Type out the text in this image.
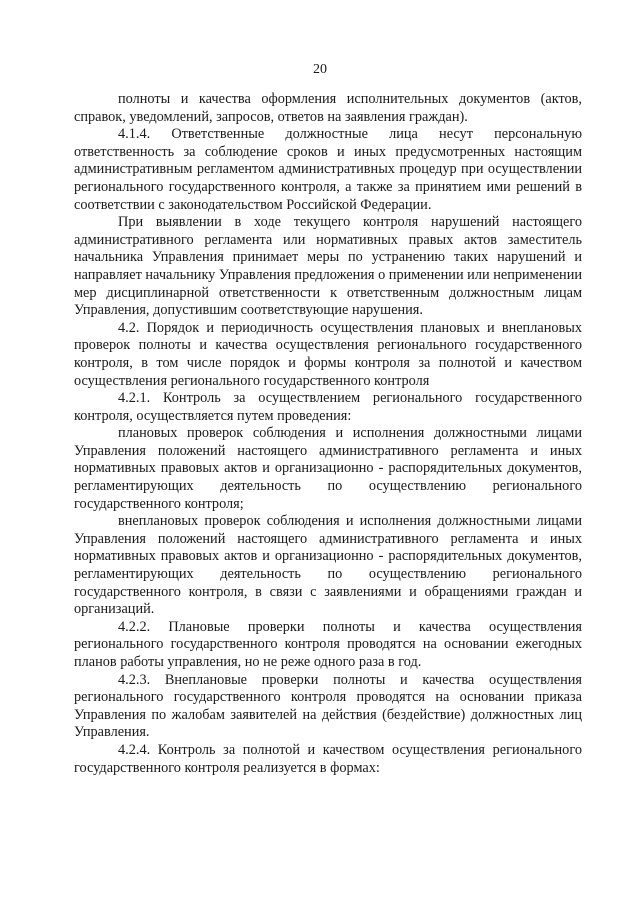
20

полноты и качества оформления исполнительных документов (актов, справок, уведомлений, запросов, ответов на заявления граждан).

4.1.4. Ответственные должностные лица несут персональную ответственность за соблюдение сроков и иных предусмотренных настоящим административным регламентом административных процедур при осуществлении регионального государственного контроля, а также за принятием ими решений в соответствии с законодательством Российской Федерации.

При выявлении в ходе текущего контроля нарушений настоящего административного регламента или нормативных правых актов заместитель начальника Управления принимает меры по устранению таких нарушений и направляет начальнику Управления предложения о применении или неприменении мер дисциплинарной ответственности к ответственным должностным лицам Управления, допустившим соответствующие нарушения.

4.2. Порядок и периодичность осуществления плановых и внеплановых проверок полноты и качества осуществления регионального государственного контроля, в том числе порядок и формы контроля за полнотой и качеством осуществления регионального государственного контроля

4.2.1. Контроль за осуществлением регионального государственного контроля, осуществляется путем проведения:

плановых проверок соблюдения и исполнения должностными лицами Управления положений настоящего административного регламента и иных нормативных правовых актов и организационно - распорядительных документов, регламентирующих деятельность по осуществлению регионального государственного контроля;

внеплановых проверок соблюдения и исполнения должностными лицами Управления положений настоящего административного регламента и иных нормативных правовых актов и организационно - распорядительных документов, регламентирующих деятельность по осуществлению регионального государственного контроля, в связи с заявлениями и обращениями граждан и организаций.

4.2.2. Плановые проверки полноты и качества осуществления регионального государственного контроля проводятся на основании ежегодных планов работы управления, но не реже одного раза в год.

4.2.3. Внеплановые проверки полноты и качества осуществления регионального государственного контроля проводятся на основании приказа Управления по жалобам заявителей на действия (бездействие) должностных лиц Управления.

4.2.4. Контроль за полнотой и качеством осуществления регионального государственного контроля реализуется в формах:
